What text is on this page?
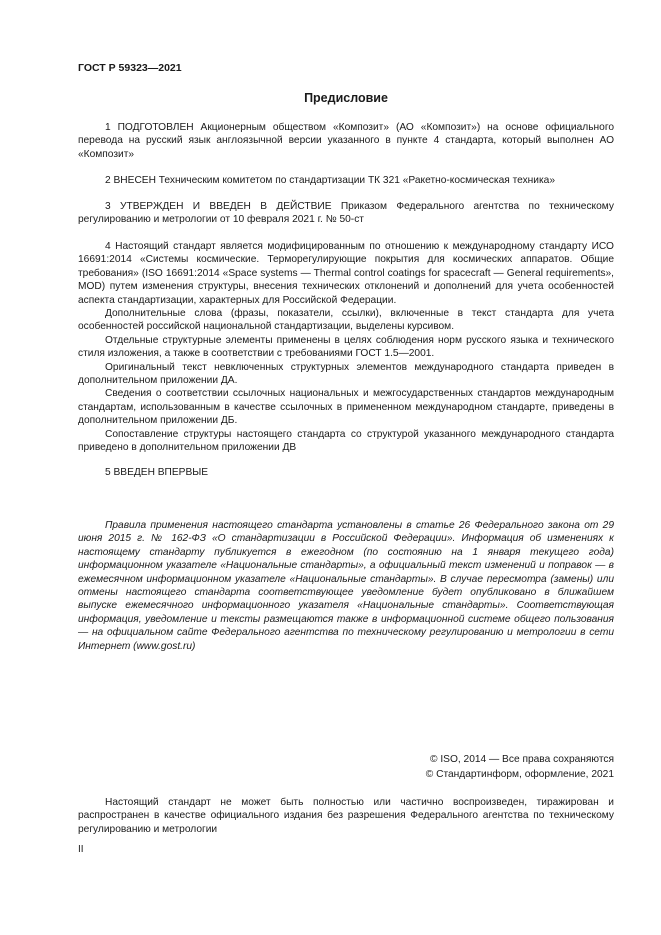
ГОСТ Р 59323—2021
Предисловие

1 ПОДГОТОВЛЕН Акционерным обществом «Композит» (АО «Композит») на основе официального перевода на русский язык англоязычной версии указанного в пункте 4 стандарта, который выполнен АО «Композит»

2 ВНЕСЕН Техническим комитетом по стандартизации ТК 321 «Ракетно-космическая техника»

3 УТВЕРЖДЕН И ВВЕДЕН В ДЕЙСТВИЕ Приказом Федерального агентства по техническому регулированию и метрологии от 10 февраля 2021 г. № 50-ст

4 Настоящий стандарт является модифицированным по отношению к международному стандарту ИСО 16691:2014 «Системы космические. Терморегулирующие покрытия для космических аппаратов. Общие требования» (ISO 16691:2014 «Space systems — Thermal control coatings for spacecraft — General requirements», MOD) путем изменения структуры, внесения технических отклонений и дополнений для учета особенностей аспекта стандартизации, характерных для Российской Федерации.

Дополнительные слова (фразы, показатели, ссылки), включенные в текст стандарта для учета особенностей российской национальной стандартизации, выделены курсивом.

Отдельные структурные элементы применены в целях соблюдения норм русского языка и технического стиля изложения, а также в соответствии с требованиями ГОСТ 1.5—2001.

Оригинальный текст невключенных структурных элементов международного стандарта приведен в дополнительном приложении ДА.

Сведения о соответствии ссылочных национальных и межгосударственных стандартов международным стандартам, использованным в качестве ссылочных в примененном международном стандарте, приведены в дополнительном приложении ДБ.

Сопоставление структуры настоящего стандарта со структурой указанного международного стандарта приведено в дополнительном приложении ДВ

5 ВВЕДЕН ВПЕРВЫЕ

Правила применения настоящего стандарта установлены в статье 26 Федерального закона от 29 июня 2015 г. № 162-ФЗ «О стандартизации в Российской Федерации». Информация об изменениях к настоящему стандарту публикуется в ежегодном (по состоянию на 1 января текущего года) информационном указателе «Национальные стандарты», а официальный текст изменений и поправок — в ежемесячном информационном указателе «Национальные стандарты». В случае пересмотра (замены) или отмены настоящего стандарта соответствующее уведомление будет опубликовано в ближайшем выпуске ежемесячного информационного указателя «Национальные стандарты». Соответствующая информация, уведомление и тексты размещаются также в информационной системе общего пользования — на официальном сайте Федерального агентства по техническому регулированию и метрологии в сети Интернет (www.gost.ru)

© ISO, 2014 — Все права сохраняются
© Стандартинформ, оформление, 2021

Настоящий стандарт не может быть полностью или частично воспроизведен, тиражирован и распространен в качестве официального издания без разрешения Федерального агентства по техническому регулированию и метрологии

II
